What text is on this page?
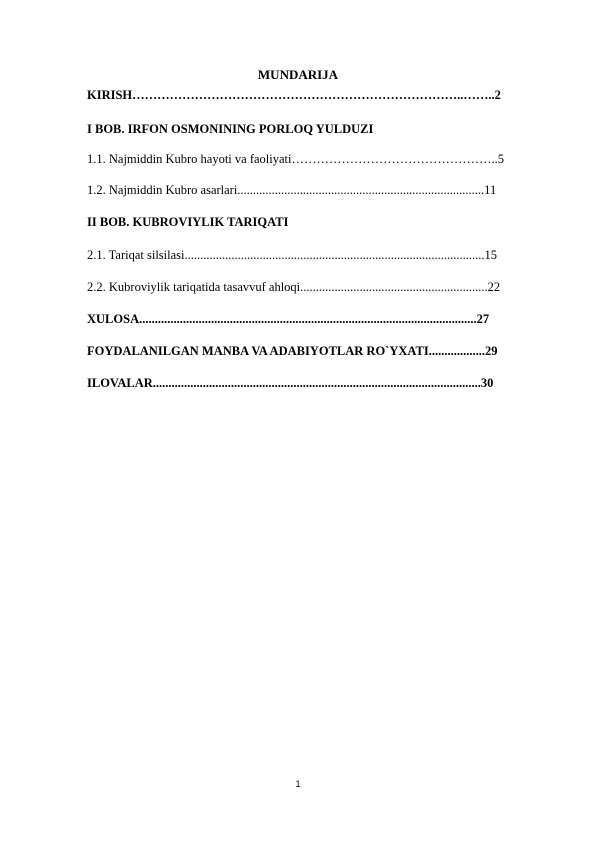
MUNDARIJA
KIRISH……………………………………………………………………..……..2
I BOB. IRFON OSMONINING PORLOQ YULDUZI
1.1. Najmiddin Kubro hayoti va faoliyati…………………………………………..5
1.2. Najmiddin Kubro asarlari...............................................................................11
II BOB. KUBROVIYLIK TARIQATI
2.1. Tariqat silsilasi................................................................................................15
2.2. Kubroviylik tariqatida tasavvuf ahloqi............................................................22
XULOSA............................................................................................................27
FOYDALANILGAN MANBA VA ADABIYOTLAR RO`YXATI..................29
ILOVALAR.........................................................................................................30
1
